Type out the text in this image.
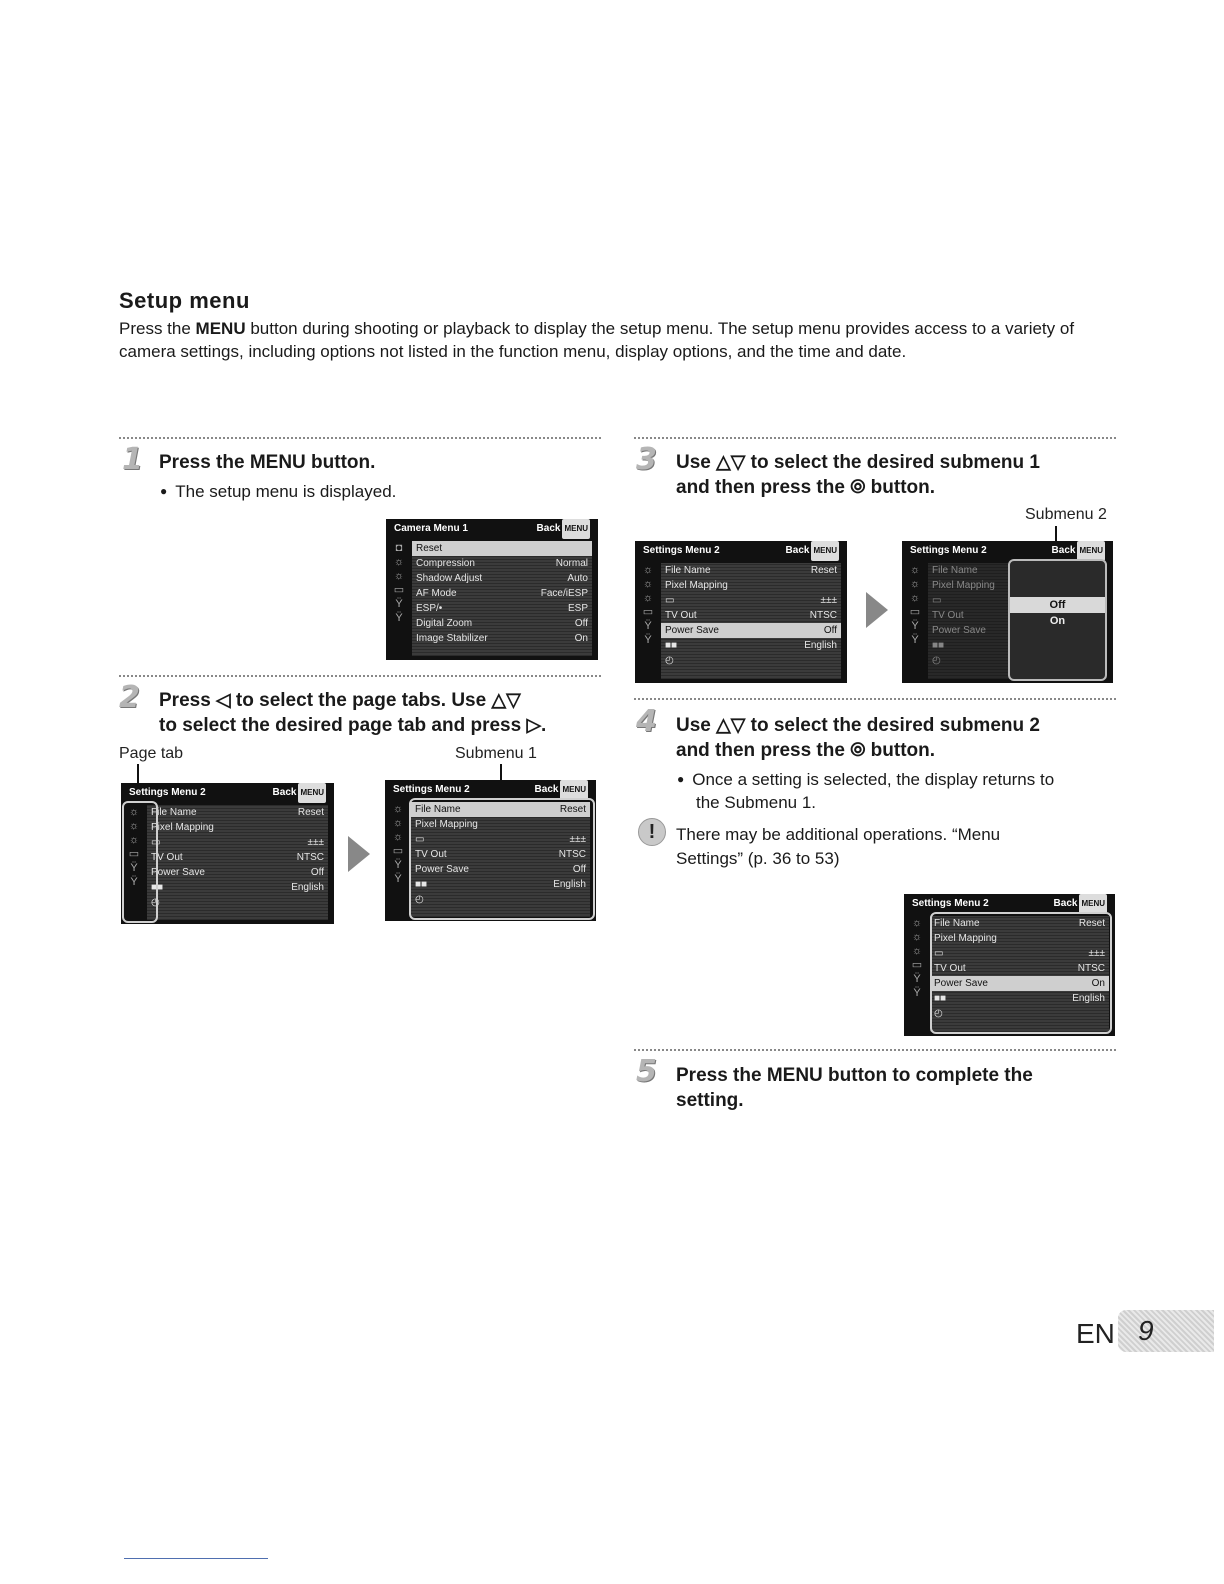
Setup menu

Press the MENU button during shooting or playback to display the setup menu. The setup menu provides access to a variety of camera settings, including options not listed in the function menu, display options, and the time and date.

1 Press the MENU button.

● The setup menu is displayed.
Camera Menu 1	Back MENU
◘
☼
☼
▭
Ÿ
Ÿ
Reset
Compression	Normal
Shadow Adjust	Auto
AF Mode	Face/iESP
ESP/•	ESP
Digital Zoom	Off
Image Stabilizer	On
2 Press ◁ to select the page tabs. Use △▽
to select the desired page tab and press ▷.

Page tab	Submenu 1
Settings Menu 2	Back MENU
☼
☼
☼
▭
Ÿ
Ÿ
File Name	Reset
Pixel Mapping
▭	±±±
TV Out	NTSC
Power Save	Off
■■	English
◴
Settings Menu 2	Back MENU
☼
☼
☼
▭
Ÿ
Ÿ
File Name	Reset
Pixel Mapping
▭	±±±
TV Out	NTSC
Power Save	Off
■■	English
◴
3 Use △▽ to select the desired submenu 1
and then press the ⦾ button.

Submenu 2
Settings Menu 2	Back MENU
☼
☼
☼
▭
Ÿ
Ÿ
File Name	Reset
Pixel Mapping
▭	±±±
TV Out	NTSC
Power Save	Off
■■	English
◴
Settings Menu 2	Back MENU
☼
☼
☼
▭
Ÿ
Ÿ
File Name
Pixel Mapping
▭
TV Out
Power Save
■■
◴
Off
On
4 Use △▽ to select the desired submenu 2
and then press the ⦾ button.

● Once a setting is selected, the display returns to
the Submenu 1.
!	There may be additional operations. “Menu
Settings” (p. 36 to 53)
Settings Menu 2	Back MENU
☼
☼
☼
▭
Ÿ
Ÿ
File Name	Reset
Pixel Mapping
▭	±±±
TV Out	NTSC
Power Save	On
■■	English
◴
5 Press the MENU button to complete the
setting.

EN 9
